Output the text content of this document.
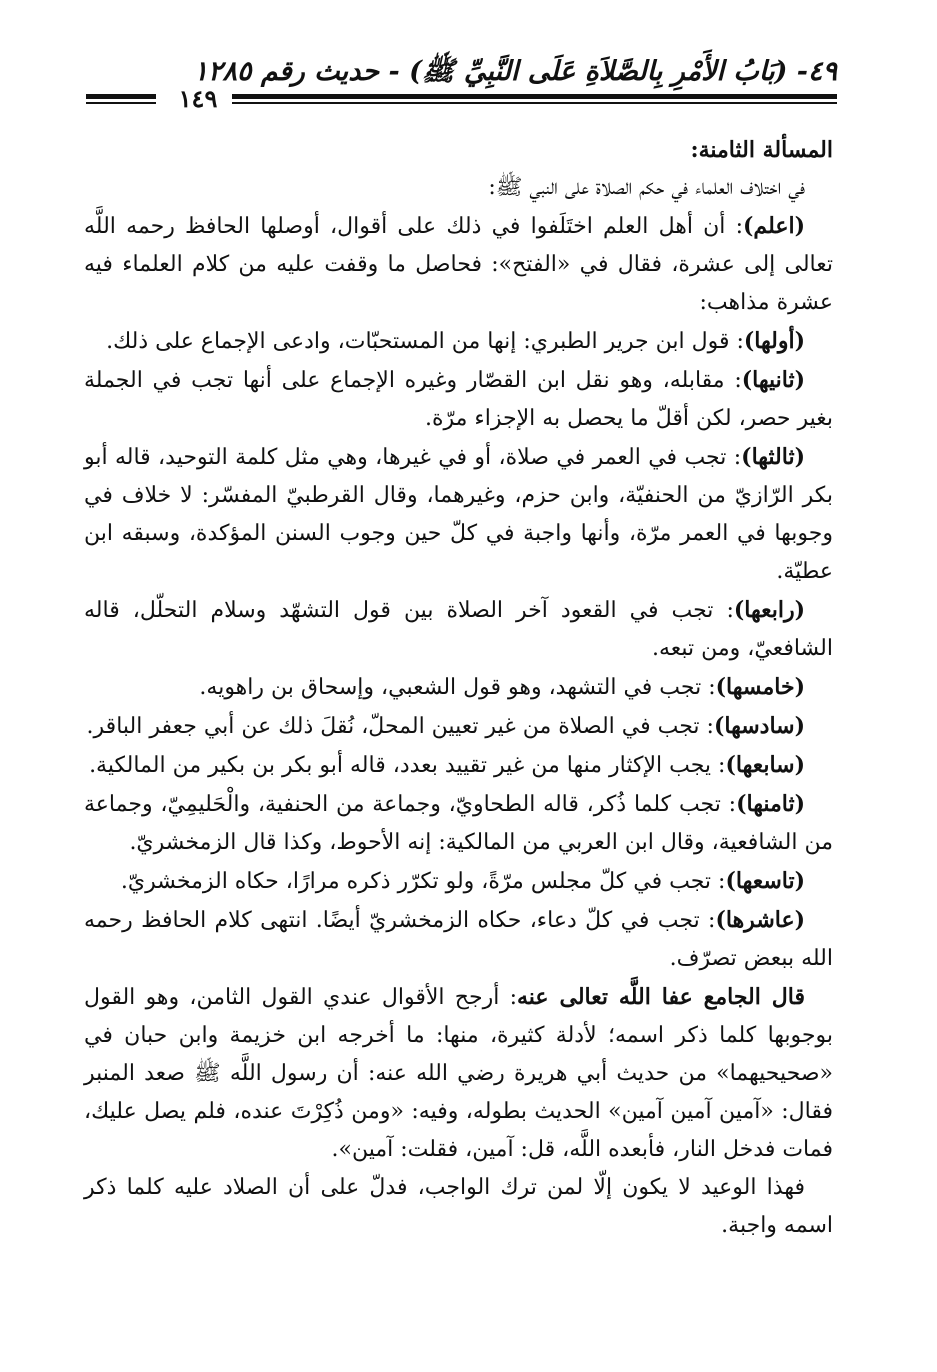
٤٩- (بَابُ الأَمْرِ بِالصَّلاَةِ عَلَى النَّبِيِّ ﷺ) - حديث رقم ١٢٨٥
١٤٩

المسألة الثامنة:

في اختلاف العلماء في حكم الصلاة على النبي ﷺ:

(اعلم): أن أهل العلم اختَلَفوا في ذلك على أقوال، أوصلها الحافظ رحمه اللَّه تعالى إلى عشرة، فقال في «الفتح»: فحاصل ما وقفت عليه من كلام العلماء فيه عشرة مذاهب:

(أولها): قول ابن جرير الطبري: إنها من المستحبّات، وادعى الإجماع على ذلك.

(ثانيها): مقابله، وهو نقل ابن القصّار وغيره الإجماع على أنها تجب في الجملة بغير حصر، لكن أقلّ ما يحصل به الإجزاء مرّة.

(ثالثها): تجب في العمر في صلاة، أو في غيرها، وهي مثل كلمة التوحيد، قاله أبو بكر الرّازيّ من الحنفيّة، وابن حزم، وغيرهما، وقال القرطبيّ المفسّر: لا خلاف في وجوبها في العمر مرّة، وأنها واجبة في كلّ حين وجوب السنن المؤكدة، وسبقه ابن عطيّة.

(رابعها): تجب في القعود آخر الصلاة بين قول التشهّد وسلام التحلّل، قاله الشافعيّ، ومن تبعه.

(خامسها): تجب في التشهد، وهو قول الشعبي، وإسحاق بن راهويه.

(سادسها): تجب في الصلاة من غير تعيين المحلّ، نُقلَ ذلك عن أبي جعفر الباقر.

(سابعها): يجب الإكثار منها من غير تقييد بعدد، قاله أبو بكر بن بكير من المالكية.

(ثامنها): تجب كلما ذُكر، قاله الطحاويّ، وجماعة من الحنفية، والْحَليمِيّ، وجماعة من الشافعية، وقال ابن العربي من المالكية: إنه الأحوط، وكذا قال الزمخشريّ.

(تاسعها): تجب في كلّ مجلس مرّةً، ولو تكرّر ذكره مرارًا، حكاه الزمخشريّ.

(عاشرها): تجب في كلّ دعاء، حكاه الزمخشريّ أيضًا. انتهى كلام الحافظ رحمه الله ببعض تصرّف.

قال الجامع عفا اللَّه تعالى عنه: أرجح الأقوال عندي القول الثامن، وهو القول بوجوبها كلما ذكر اسمه؛ لأدلة كثيرة، منها: ما أخرجه ابن خزيمة وابن حبان في «صحيحيهما» من حديث أبي هريرة رضي الله عنه: أن رسول اللَّه ﷺ صعد المنبر فقال: «آمين آمين آمين» الحديث بطوله، وفيه: «ومن ذُكِرْتَ عنده، فلم يصل عليك، فمات فدخل النار، فأبعده اللَّه، قل: آمين، فقلت: آمين».

فهذا الوعيد لا يكون إلّا لمن ترك الواجب، فدلّ على أن الصلاد عليه كلما ذكر اسمه واجبة.
